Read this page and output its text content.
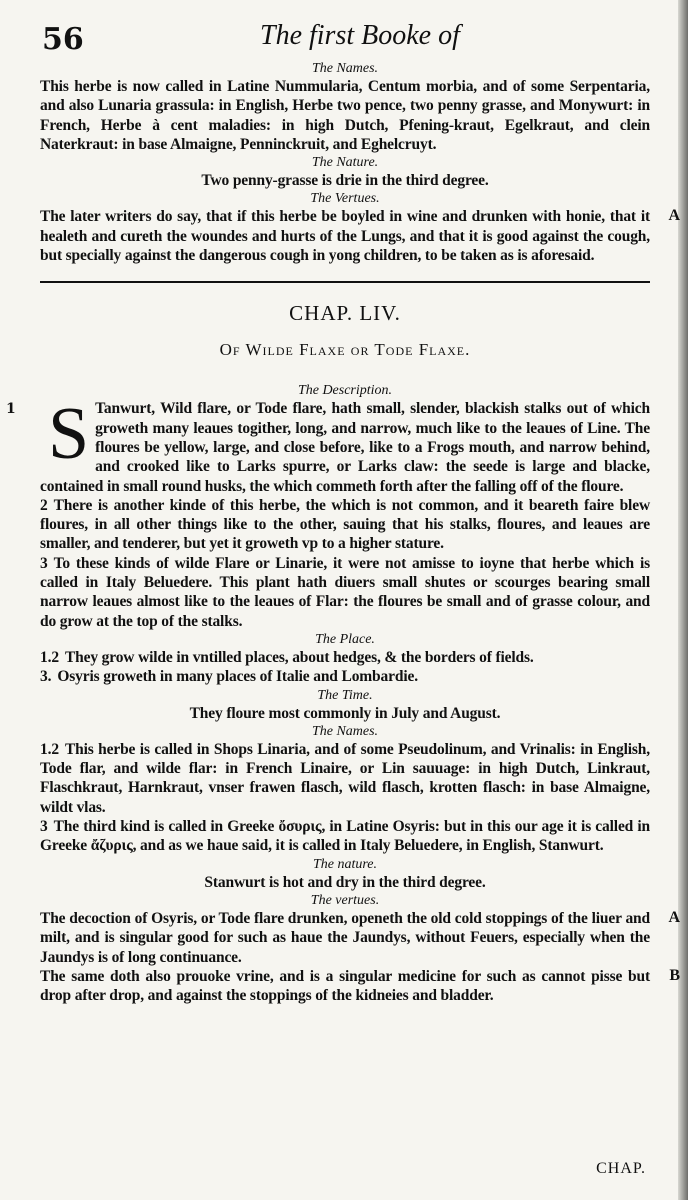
56	The first Booke of

The Names.

This herbe is now called in Latine Nummularia, Centum morbia, and of some Serpentaria, and also Lunaria grassula: in English, Herbe two pence, two penny grasse, and Monywurt: in French, Herbe à cent maladies: in high Dutch, Pfening-kraut, Egelkraut, and clein Naterkraut: in base Almaigne, Penninckruit, and Eghelcruyt.

The Nature.

Two penny-grasse is drie in the third degree.

The Vertues.

The later writers do say, that if this herbe be boyled in wine and drunken with honie, that it healeth and cureth the woundes and hurts of the Lungs, and that it is good against the cough, but specially against the dangerous cough in yong children, to be taken as is aforesaid.

A
CHAP. LIV.
Of Wilde Flaxe or Tode Flaxe.

The Description.

1 S Tanwurt, Wild flare, or Tode flare, hath small, slender, blackish stalks out of which groweth many leaues togither, long, and narrow, much like to the leaues of Line. The floures be yellow, large, and close before, like to a Frogs mouth, and narrow behind, and crooked like to Larks spurre, or Larks claw: the seede is large and blacke, contained in small round husks, the which commeth forth after the falling off of the floure.

2 There is another kinde of this herbe, the which is not common, and it beareth faire blew floures, in all other things like to the other, sauing that his stalks, floures, and leaues are smaller, and tenderer, but yet it groweth vp to a higher stature.

3 To these kinds of wilde Flare or Linarie, it were not amisse to ioyne that herbe which is called in Italy Beluedere. This plant hath diuers small shutes or scourges bearing small narrow leaues almost like to the leaues of Flar: the floures be small and of grasse colour, and do grow at the top of the stalks.

The Place.

1.2 They grow wilde in vntilled places, about hedges, & the borders of fields.

3. Osyris groweth in many places of Italie and Lombardie.

The Time.

They floure most commonly in July and August.

The Names.

1.2 This herbe is called in Shops Linaria, and of some Pseudolinum, and Vrinalis: in English, Tode flar, and wilde flar: in French Linaire, or Lin sauuage: in high Dutch, Linkraut, Flaschkraut, Harnkraut, vnser frawen flasch, wild flasch, krotten flasch: in base Almaigne, wildt vlas.

3 The third kind is called in Greeke ὄσυρις, in Latine Osyris: but in this our age it is called in Greeke ἄζυρις, and as we haue said, it is called in Italy Beluedere, in English, Stanwurt.

The nature.

Stanwurt is hot and dry in the third degree.

The vertues.

The decoction of Osyris, or Tode flare drunken, openeth the old cold stoppings of the liuer and milt, and is singular good for such as haue the Jaundys, without Feuers, especially when the Jaundys is of long continuance.

A

The same doth also prouoke vrine, and is a singular medicine for such as cannot pisse but drop after drop, and against the stoppings of the kidneies and bladder.

B
CHAP.
